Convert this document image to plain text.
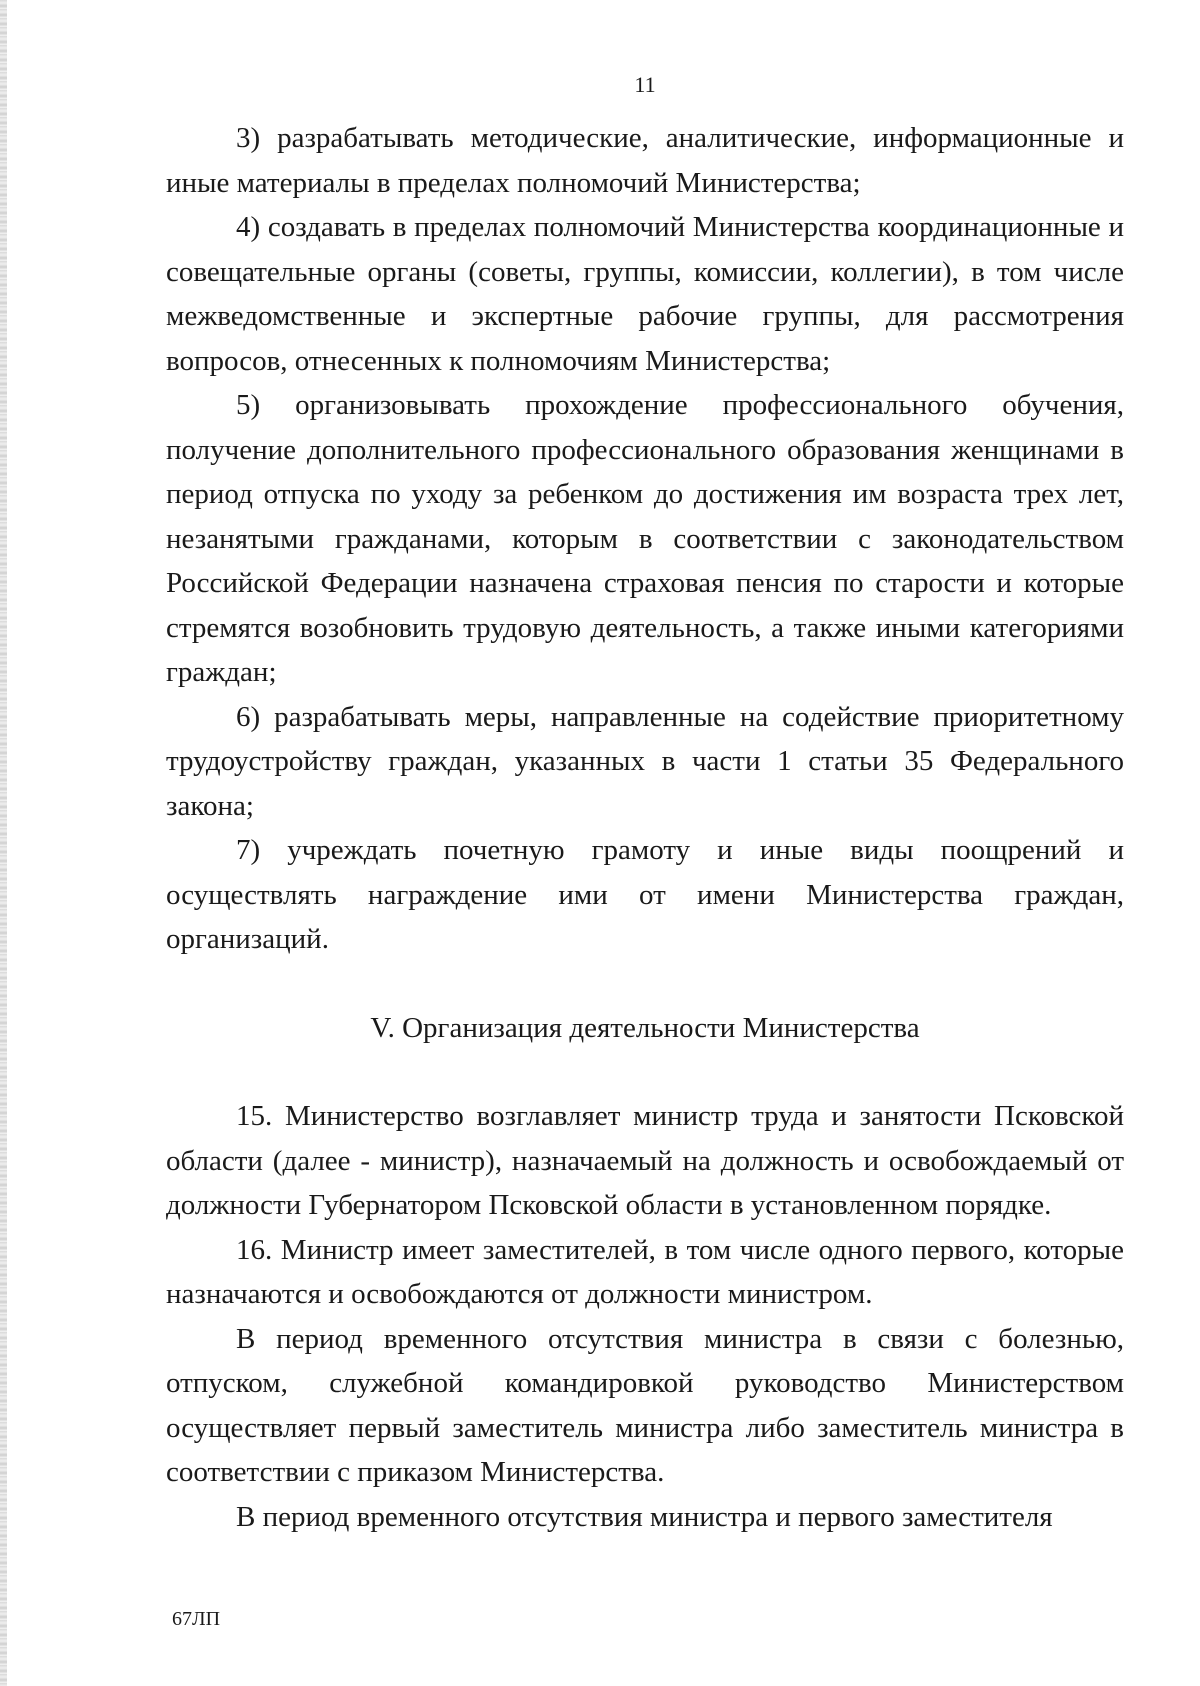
11

3) разрабатывать методические, аналитические, информационные и иные материалы в пределах полномочий Министерства;

4) создавать в пределах полномочий Министерства координационные и совещательные органы (советы, группы, комиссии, коллегии), в том числе межведомственные и экспертные рабочие группы, для рассмотрения вопросов, отнесенных к полномочиям Министерства;

5) организовывать прохождение профессионального обучения, получение дополнительного профессионального образования женщинами в период отпуска по уходу за ребенком до достижения им возраста трех лет, незанятыми гражданами, которым в соответствии с законодательством Российской Федерации назначена страховая пенсия по старости и которые стремятся возобновить трудовую деятельность, а также иными категориями граждан;

6) разрабатывать меры, направленные на содействие приоритетному трудоустройству граждан, указанных в части 1 статьи 35 Федерального закона;

7) учреждать почетную грамоту и иные виды поощрений и осуществлять награждение ими от имени Министерства граждан, организаций.

V. Организация деятельности Министерства

15. Министерство возглавляет министр труда и занятости Псковской области (далее - министр), назначаемый на должность и освобождаемый от должности Губернатором Псковской области в установленном порядке.

16. Министр имеет заместителей, в том числе одного первого, которые назначаются и освобождаются от должности министром.

В период временного отсутствия министра в связи с болезнью, отпуском, служебной командировкой руководство Министерством осуществляет первый заместитель министра либо заместитель министра в соответствии с приказом Министерства.

В период временного отсутствия министра и первого заместителя

67ЛП
